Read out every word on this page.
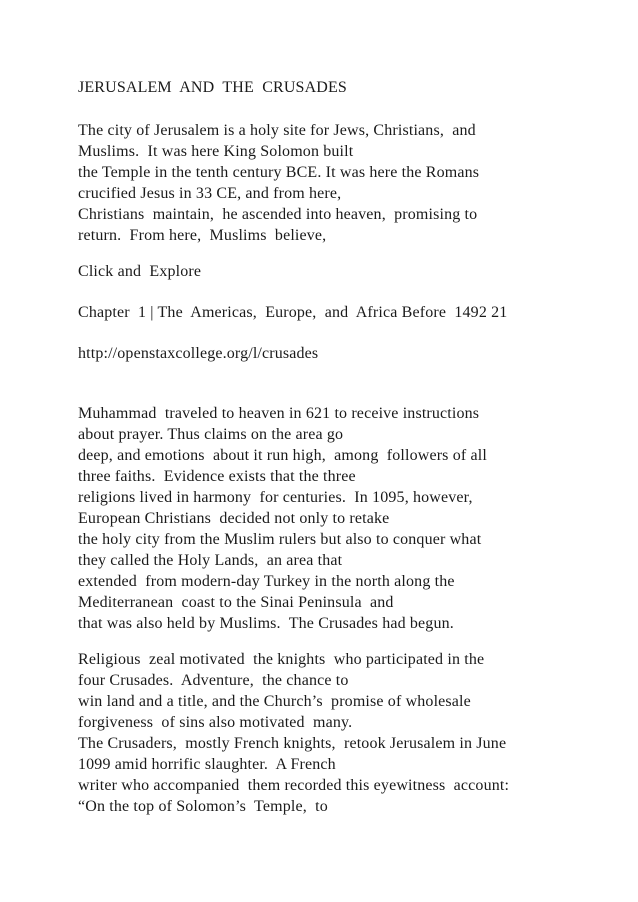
JERUSALEM  AND  THE  CRUSADES
The city of Jerusalem is a holy site for Jews, Christians,  and
Muslims.  It was here King Solomon built
the Temple in the tenth century BCE. It was here the Romans
crucified Jesus in 33 CE, and from here,
Christians  maintain,  he ascended into heaven,  promising to
return.  From here,  Muslims  believe,
Click and  Explore
Chapter  1 | The  Americas,  Europe,  and  Africa Before  1492 21
http://openstaxcollege.org/l/crusades
Muhammad  traveled to heaven in 621 to receive instructions
about prayer. Thus claims on the area go
deep, and emotions  about it run high,  among  followers of all
three faiths.  Evidence exists that the three
religions lived in harmony  for centuries.  In 1095, however,
European Christians  decided not only to retake
the holy city from the Muslim rulers but also to conquer what
they called the Holy Lands,  an area that
extended  from modern-day Turkey in the north along the
Mediterranean  coast to the Sinai Peninsula  and
that was also held by Muslims.  The Crusades had begun.
Religious  zeal motivated  the knights  who participated in the
four Crusades.  Adventure,  the chance to
win land and a title, and the Church’s  promise of wholesale
forgiveness  of sins also motivated  many.
The Crusaders,  mostly French knights,  retook Jerusalem in June
1099 amid horrific slaughter.  A French
writer who accompanied  them recorded this eyewitness  account:
“On the top of Solomon’s  Temple,  to
